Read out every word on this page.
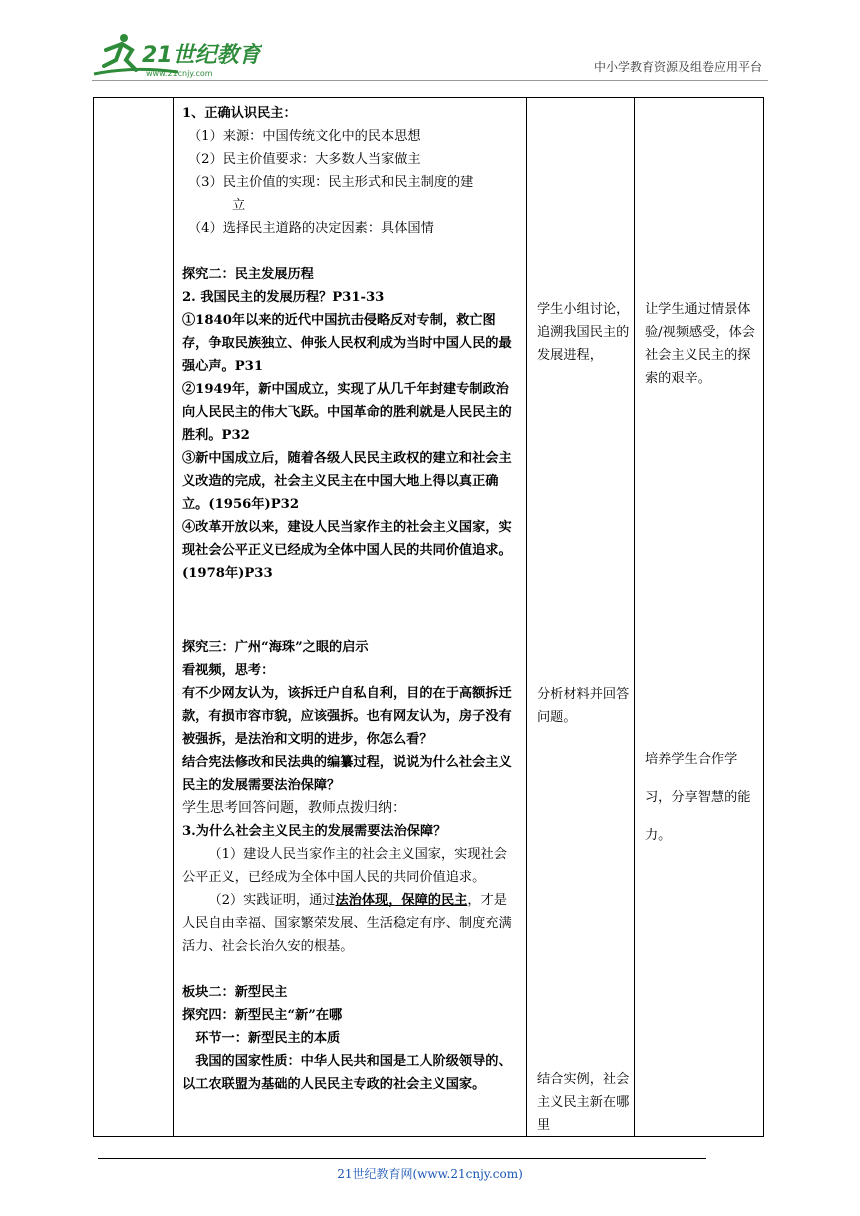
21世纪教育
www.21cnjy.com	中小学教育资源及组卷应用平台

1、正确认识民主：

（1）来源：中国传统文化中的民本思想

（2）民主价值要求：大多数人当家做主

（3）民主价值的实现：民主形式和民主制度的建

立

（4）选择民主道路的决定因素：具体国情

探究二：民主发展历程

2. 我国民主的发展历程？P31-33

①1840年以来的近代中国抗击侵略反对专制，救亡图存，争取民族独立、伸张人民权利成为当时中国人民的最强心声。P31

②1949年，新中国成立，实现了从几千年封建专制政治向人民民主的伟大飞跃。中国革命的胜利就是人民民主的胜利。P32

③新中国成立后，随着各级人民民主政权的建立和社会主义改造的完成，社会主义民主在中国大地上得以真正确立。(1956年)P32

④改革开放以来，建设人民当家作主的社会主义国家，实现社会公平正义已经成为全体中国人民的共同价值追求。(1978年)P33

探究三：广州“海珠”之眼的启示

看视频，思考：

有不少网友认为，该拆迁户自私自利，目的在于高额拆迁款，有损市容市貌，应该强拆。也有网友认为，房子没有被强拆，是法治和文明的进步，你怎么看？

结合宪法修改和民法典的编纂过程，说说为什么社会主义民主的发展需要法治保障？

学生思考回答问题，教师点拨归纳：

3.为什么社会主义民主的发展需要法治保障？

（1）建设人民当家作主的社会主义国家，实现社会公平正义，已经成为全体中国人民的共同价值追求。

（2）实践证明，通过法治体现，保障的民主，才是人民自由幸福、国家繁荣发展、生活稳定有序、制度充满活力、社会长治久安的根基。

板块二：新型民主

探究四：新型民主“新”在哪

环节一：新型民主的本质

我国的国家性质：中华人民共和国是工人阶级领导的、以工农联盟为基础的人民民主专政的社会主义国家。

学生小组讨论，追溯我国民主的发展进程，

分析材料并回答问题。

结合实例，社会主义民主新在哪里

让学生通过情景体验/视频感受，体会社会主义民主的探索的艰辛。

培养学生合作学习，分享智慧的能力。

21世纪教育网(www.21cnjy.com)
